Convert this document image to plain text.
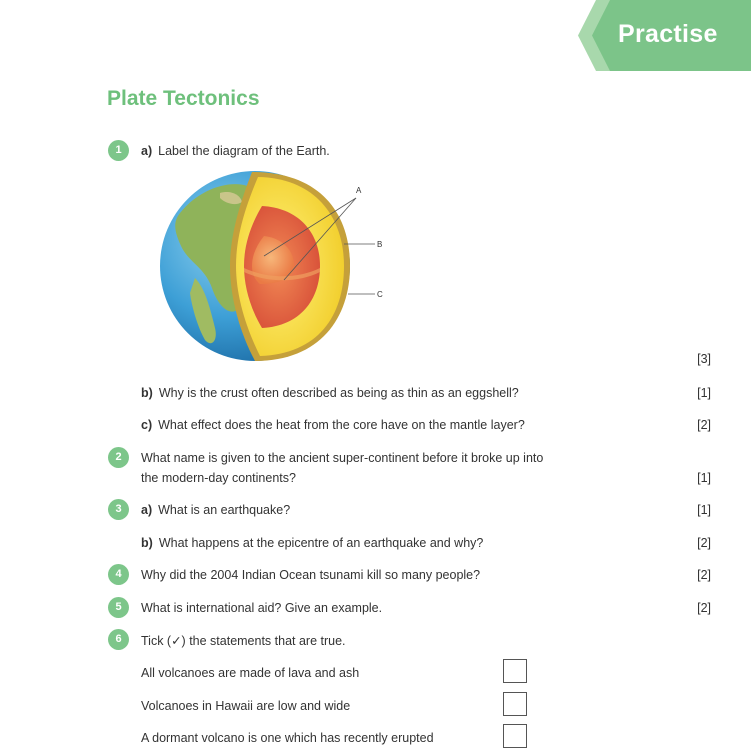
Practise
Plate Tectonics
1	a) Label the diagram of the Earth.
A
B
C
[3]
b) Why is the crust often described as being as thin as an eggshell?	[1]
c) What effect does the heat from the core have on the mantle layer?	[2]
2	What name is given to the ancient super-continent before it broke up into
the modern-day continents?	[1]
3	a) What is an earthquake?	[1]
b) What happens at the epicentre of an earthquake and why?	[2]
4	Why did the 2004 Indian Ocean tsunami kill so many people?	[2]
5	What is international aid? Give an example.	[2]
6	Tick (✓) the statements that are true.
All volcanoes are made of lava and ash
Volcanoes in Hawaii are low and wide
A dormant volcano is one which has recently erupted
